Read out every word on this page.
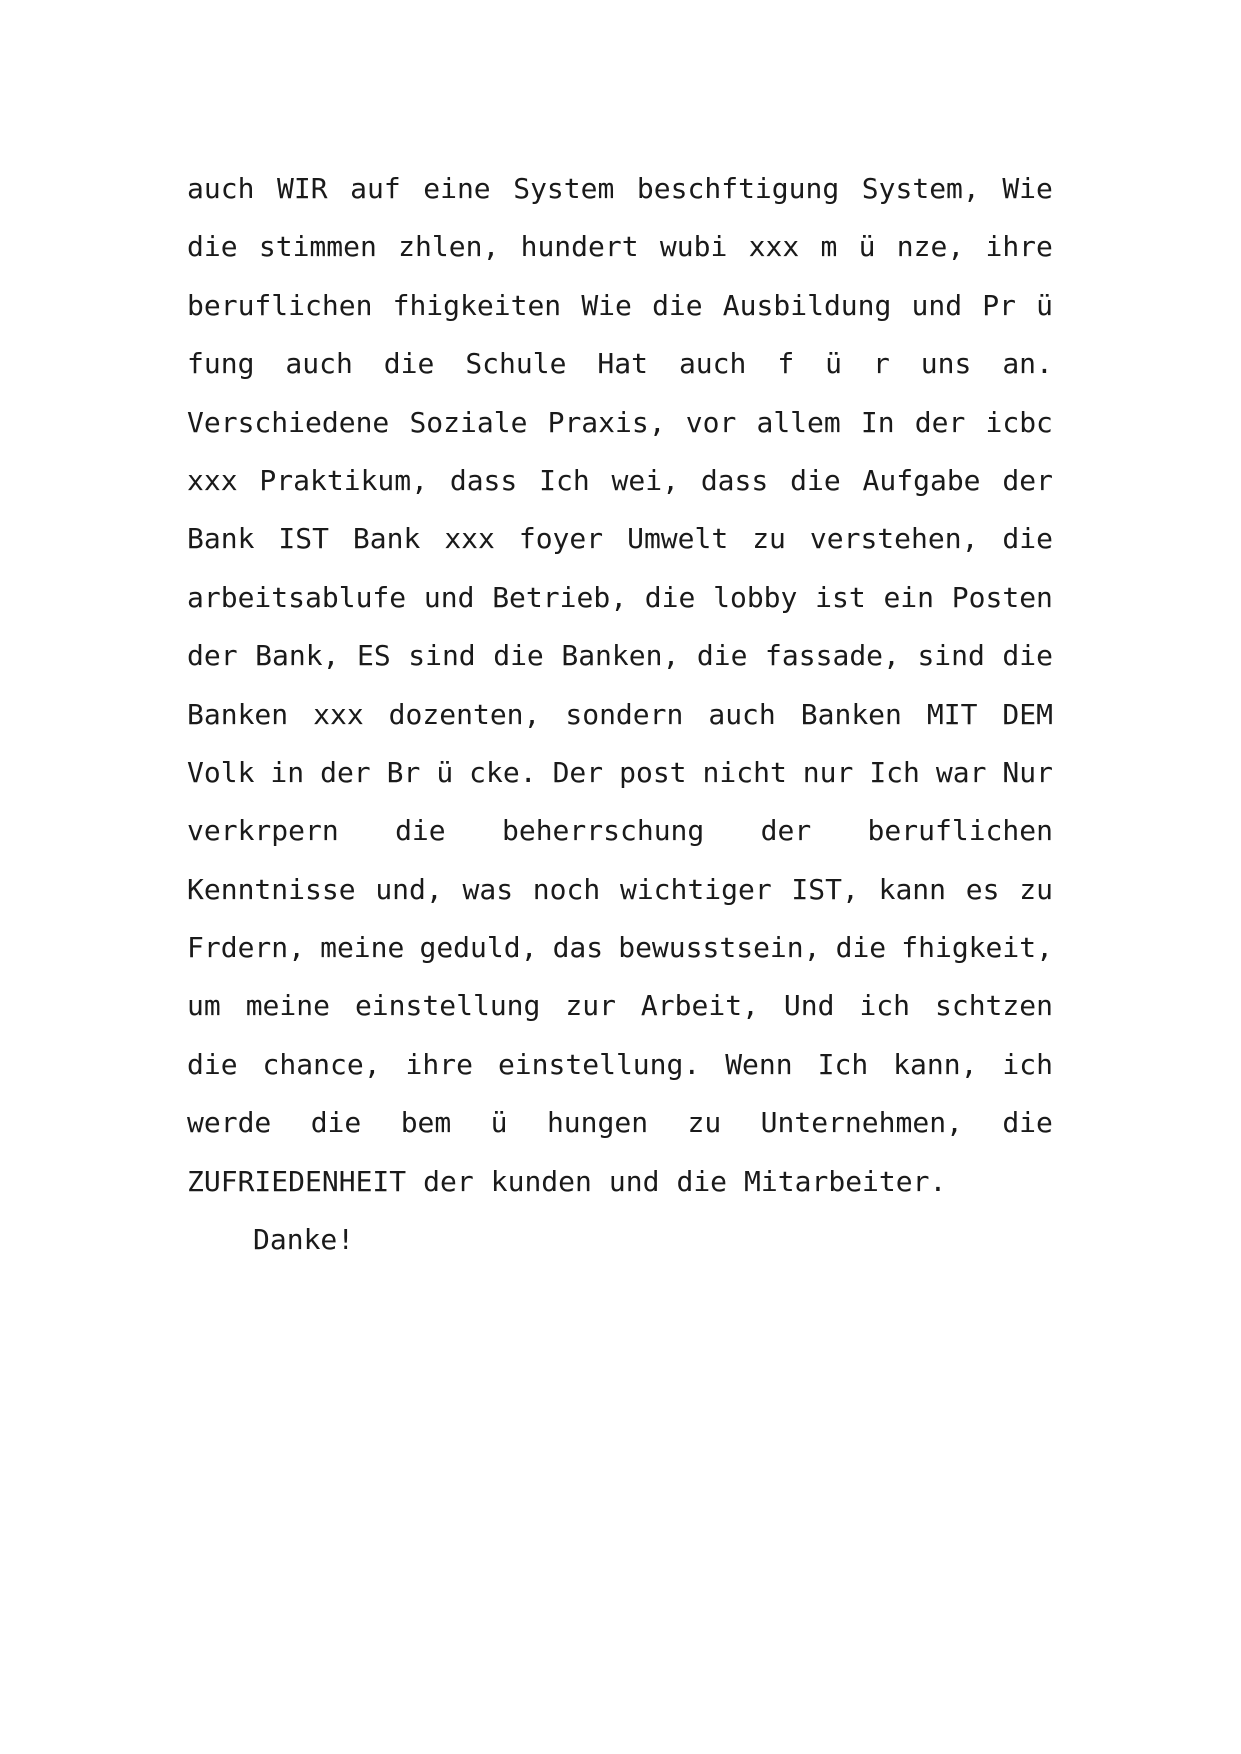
auch WIR auf eine System beschftigung System, Wie
die stimmen zhlen, hundert wubi xxx m ü nze, ihre
beruflichen fhigkeiten Wie die Ausbildung und Pr ü
fung auch die Schule Hat auch f ü r uns an.
Verschiedene Soziale Praxis, vor allem In der icbc
xxx Praktikum, dass Ich wei, dass die Aufgabe der
Bank IST Bank xxx foyer Umwelt zu verstehen, die
arbeitsablufe und Betrieb, die lobby ist ein Posten
der Bank, ES sind die Banken, die fassade, sind die
Banken xxx dozenten, sondern auch Banken MIT DEM
Volk in der Br ü cke. Der post nicht nur Ich war Nur
verkrpern die beherrschung der beruflichen
Kenntnisse und, was noch wichtiger IST, kann es zu
Frdern, meine geduld, das bewusstsein, die fhigkeit,
um meine einstellung zur Arbeit, Und ich schtzen
die chance, ihre einstellung. Wenn Ich kann, ich
werde die bem ü hungen zu Unternehmen, die
ZUFRIEDENHEIT der kunden und die Mitarbeiter.
Danke!
